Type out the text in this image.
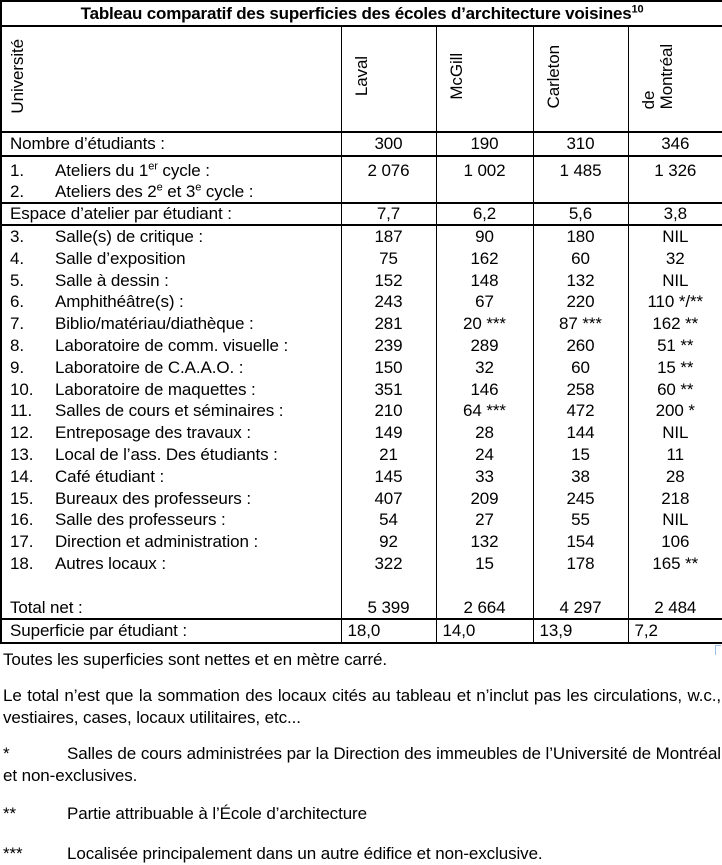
Tableau comparatif des superficies des écoles d’architecture voisines$^{10}$
Université	Laval	McGill	Carleton	de
Montréal
Nombre d’étudiants :	300	190	310	346

1. Ateliers du 1er cycle :
2. Ateliers des 2e et 3e cycle :	2 076	1 002	1 485	1 326
Espace d’atelier par étudiant :	7,7	6,2	5,6	3,8
3. Salle(s) de critique :	187	90	180	NIL
4. Salle d’exposition	75	162	60	32
5. Salle à dessin :	152	148	132	NIL
6. Amphithéâtre(s) :	243	67	220	110 */**
7. Biblio/matériau/diathèque :	281	20 ***	87 ***	162 **
8. Laboratoire de comm. visuelle :	239	289	260	51 **
9. Laboratoire de C.A.A.O. :	150	32	60	15 **
10. Laboratoire de maquettes :	351	146	258	60 **
11. Salles de cours et séminaires :	210	64 ***	472	200 *
12. Entreposage des travaux :	149	28	144	NIL
13. Local de l’ass. Des étudiants :	21	24	15	11
14. Café étudiant :	145	33	38	28
15. Bureaux des professeurs :	407	209	245	218
16. Salle des professeurs :	54	27	55	NIL
17. Direction et administration :	92	132	154	106
18. Autres locaux :	322	15	178	165 **

Total net :	5 399	2 664	4 297	2 484
Superficie par étudiant :	18,0	14,0	13,9	7,2

Toutes les superficies sont nettes et en mètre carré.

Le total n’est que la sommation des locaux cités au tableau et n’inclut pas les circulations, w.c., vestiaires, cases, locaux utilitaires, etc...

*	Salles de cours administrées par la Direction des immeubles de l’Université de Montréal et non-exclusives.

**	Partie attribuable à l’École d’architecture

***	Localisée principalement dans un autre édifice et non-exclusive.
